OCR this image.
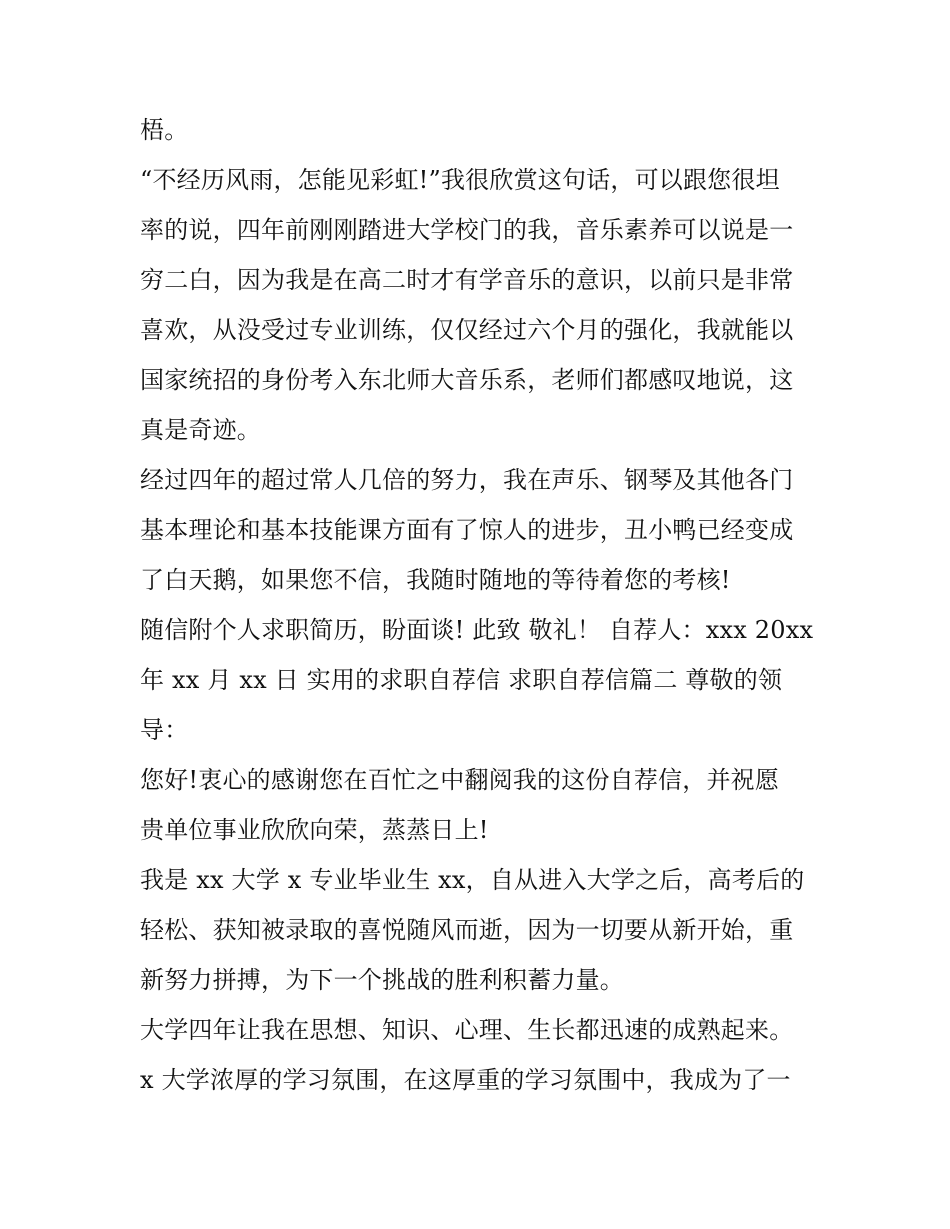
梧。
“不经历风雨，怎能见彩虹!”我很欣赏这句话，可以跟您很坦
率的说，四年前刚刚踏进大学校门的我，音乐素养可以说是一
穷二白，因为我是在高二时才有学音乐的意识，以前只是非常
喜欢，从没受过专业训练，仅仅经过六个月的强化，我就能以
国家统招的身份考入东北师大音乐系，老师们都感叹地说，这
真是奇迹。
经过四年的超过常人几倍的努力，我在声乐、钢琴及其他各门
基本理论和基本技能课方面有了惊人的进步，丑小鸭已经变成
了白天鹅，如果您不信，我随时随地的等待着您的考核!
随信附个人求职简历，盼面谈! 此致 敬礼！ 自荐人：xxx 20xx
年 xx 月 xx 日 实用的求职自荐信 求职自荐信篇二 尊敬的领
导：
您好!衷心的感谢您在百忙之中翻阅我的这份自荐信，并祝愿
贵单位事业欣欣向荣，蒸蒸日上!
我是 xx 大学 x 专业毕业生 xx，自从进入大学之后，高考后的
轻松、获知被录取的喜悦随风而逝，因为一切要从新开始，重
新努力拼搏，为下一个挑战的胜利积蓄力量。
大学四年让我在思想、知识、心理、生长都迅速的成熟起来。
x 大学浓厚的学习氛围，在这厚重的学习氛围中，我成为了一
